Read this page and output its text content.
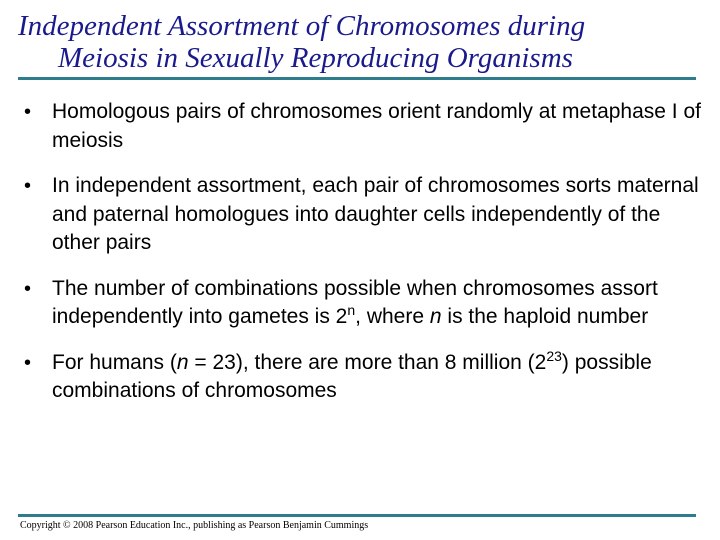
Independent Assortment of Chromosomes during
Meiosis in Sexually Reproducing Organisms
• Homologous pairs of chromosomes orient randomly at metaphase I of meiosis
• In independent assortment, each pair of chromosomes sorts maternal and paternal homologues into daughter cells independently of the other pairs
• The number of combinations possible when chromosomes assort independently into gametes is 2$^n$, where n is the haploid number
• For humans (n = 23), there are more than 8 million $(2^{23})$ possible combinations of chromosomes
Copyright © 2008 Pearson Education Inc., publishing as Pearson Benjamin Cummings
